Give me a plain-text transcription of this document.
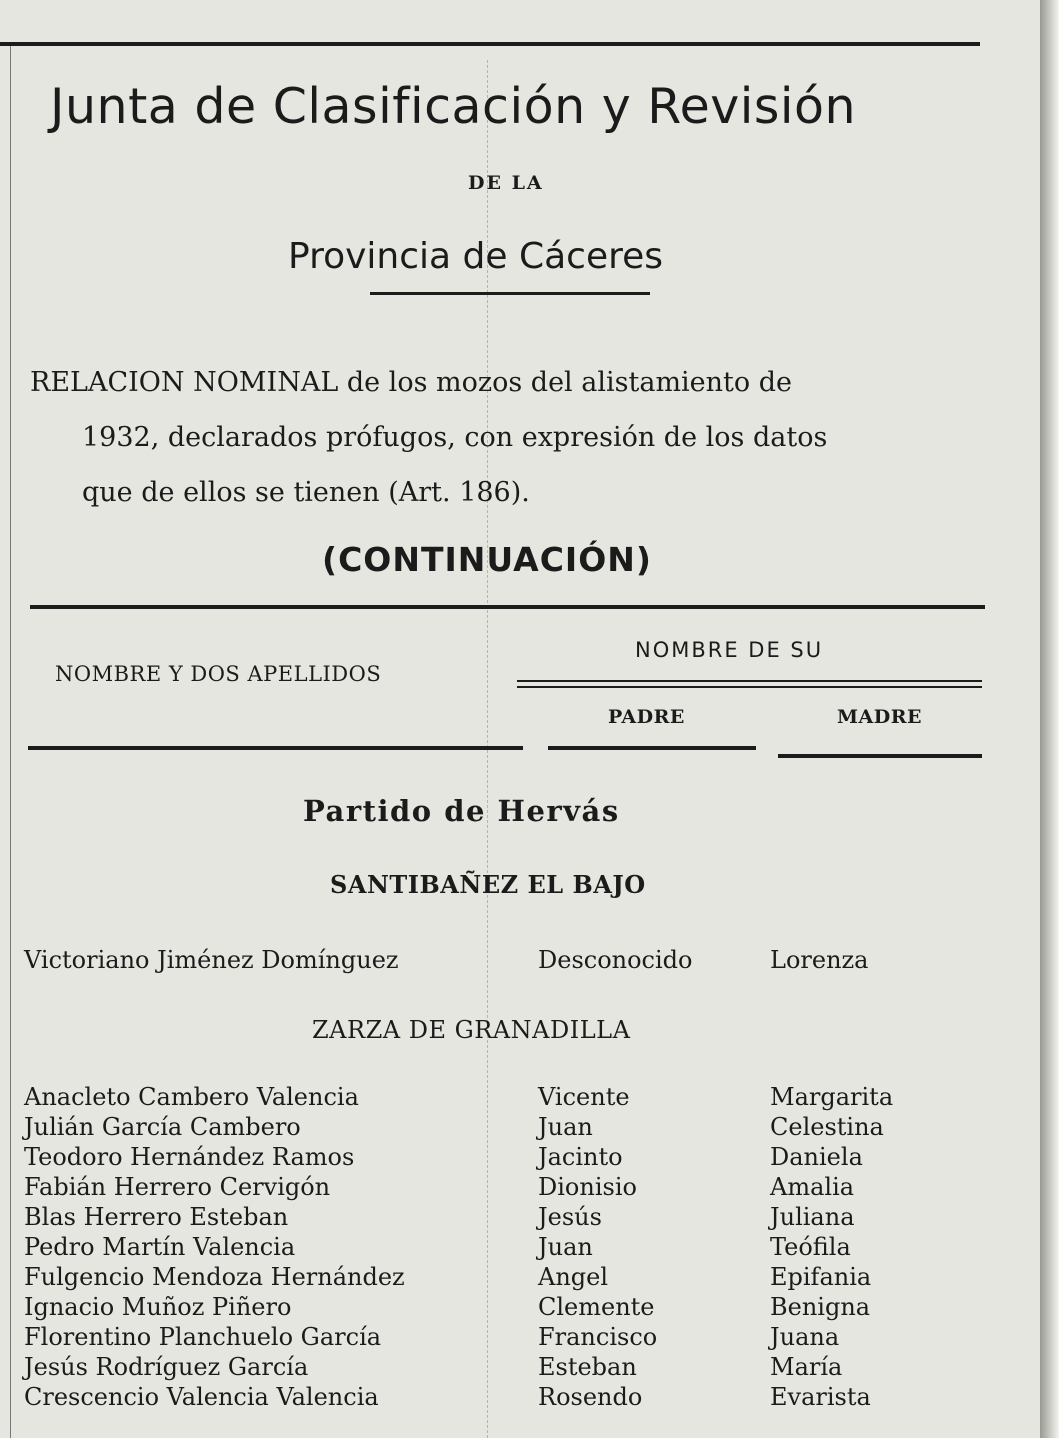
Junta de Clasificación y Revisión
DE LA
Provincia de Cáceres

RELACION NOMINAL de los mozos del alistamiento de

1932, declarados prófugos, con expresión de los datos

que de ellos se tienen (Art. 186).

(CONTINUACIÓN)
NOMBRE Y DOS APELLIDOS
NOMBRE DE SU
PADRE	MADRE
Partido de Hervás
SANTIBAÑEZ EL BAJO
Victoriano Jiménez Domínguez	Desconocido	Lorenza
ZARZA DE GRANADILLA
Anacleto Cambero Valencia	Vicente	Margarita
Julián García Cambero	Juan	Celestina
Teodoro Hernández Ramos	Jacinto	Daniela
Fabián Herrero Cervigón	Dionisio	Amalia
Blas Herrero Esteban	Jesús	Juliana
Pedro Martín Valencia	Juan	Teófila
Fulgencio Mendoza Hernández	Angel	Epifania
Ignacio Muñoz Piñero	Clemente	Benigna
Florentino Planchuelo García	Francisco	Juana
Jesús Rodríguez García	Esteban	María
Crescencio Valencia Valencia	Rosendo	Evarista
